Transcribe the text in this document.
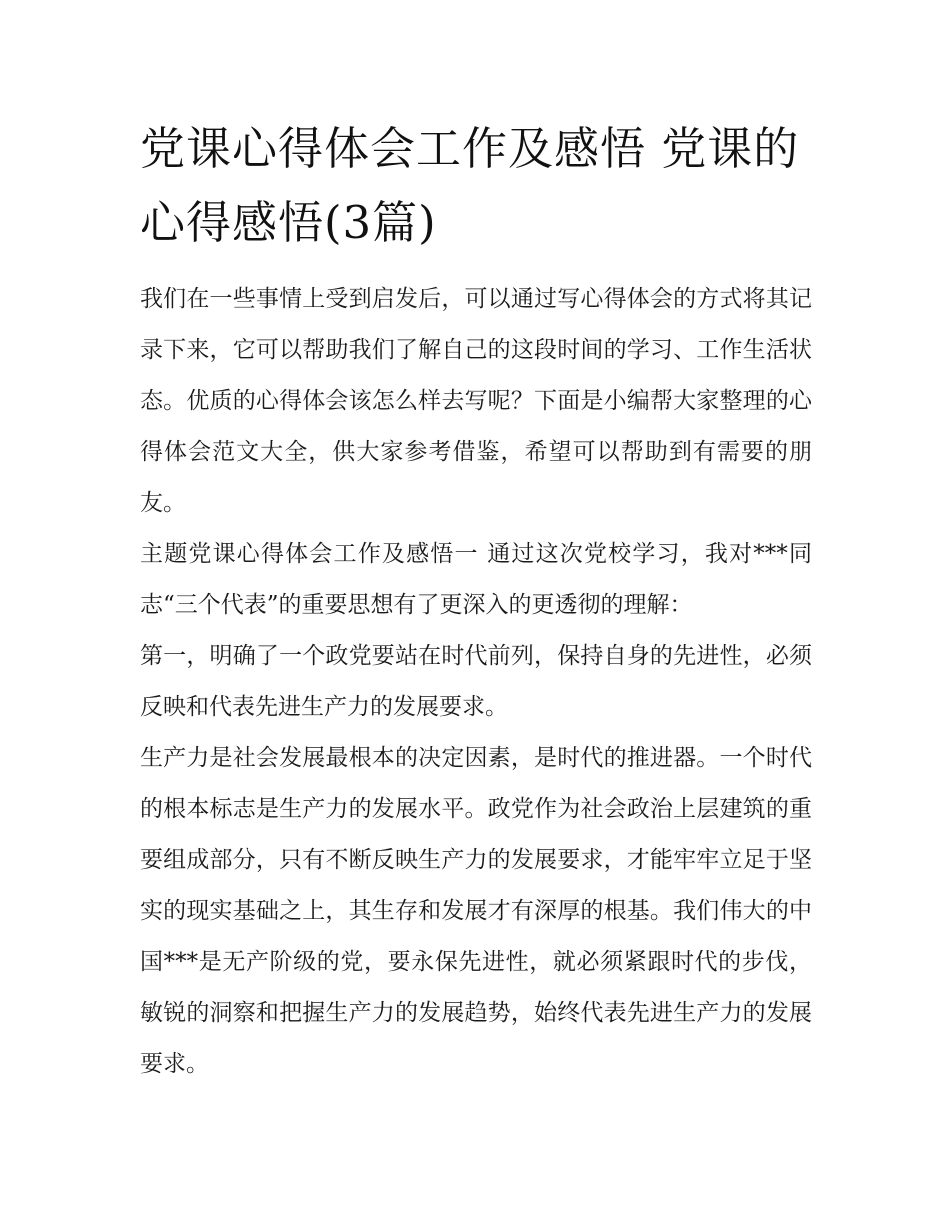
党课心得体会工作及感悟 党课的心得感悟(3篇)

我们在一些事情上受到启发后，可以通过写心得体会的方式将其记录下来，它可以帮助我们了解自己的这段时间的学习、工作生活状态。优质的心得体会该怎么样去写呢？下面是小编帮大家整理的心得体会范文大全，供大家参考借鉴，希望可以帮助到有需要的朋友。

主题党课心得体会工作及感悟一 通过这次党校学习，我对***同志“三个代表”的重要思想有了更深入的更透彻的理解：

第一，明确了一个政党要站在时代前列，保持自身的先进性，必须反映和代表先进生产力的发展要求。

生产力是社会发展最根本的决定因素，是时代的推进器。一个时代的根本标志是生产力的发展水平。政党作为社会政治上层建筑的重要组成部分，只有不断反映生产力的发展要求，才能牢牢立足于坚实的现实基础之上，其生存和发展才有深厚的根基。我们伟大的中国***是无产阶级的党，要永保先进性，就必须紧跟时代的步伐，敏锐的洞察和把握生产力的发展趋势，始终代表先进生产力的发展要求。
